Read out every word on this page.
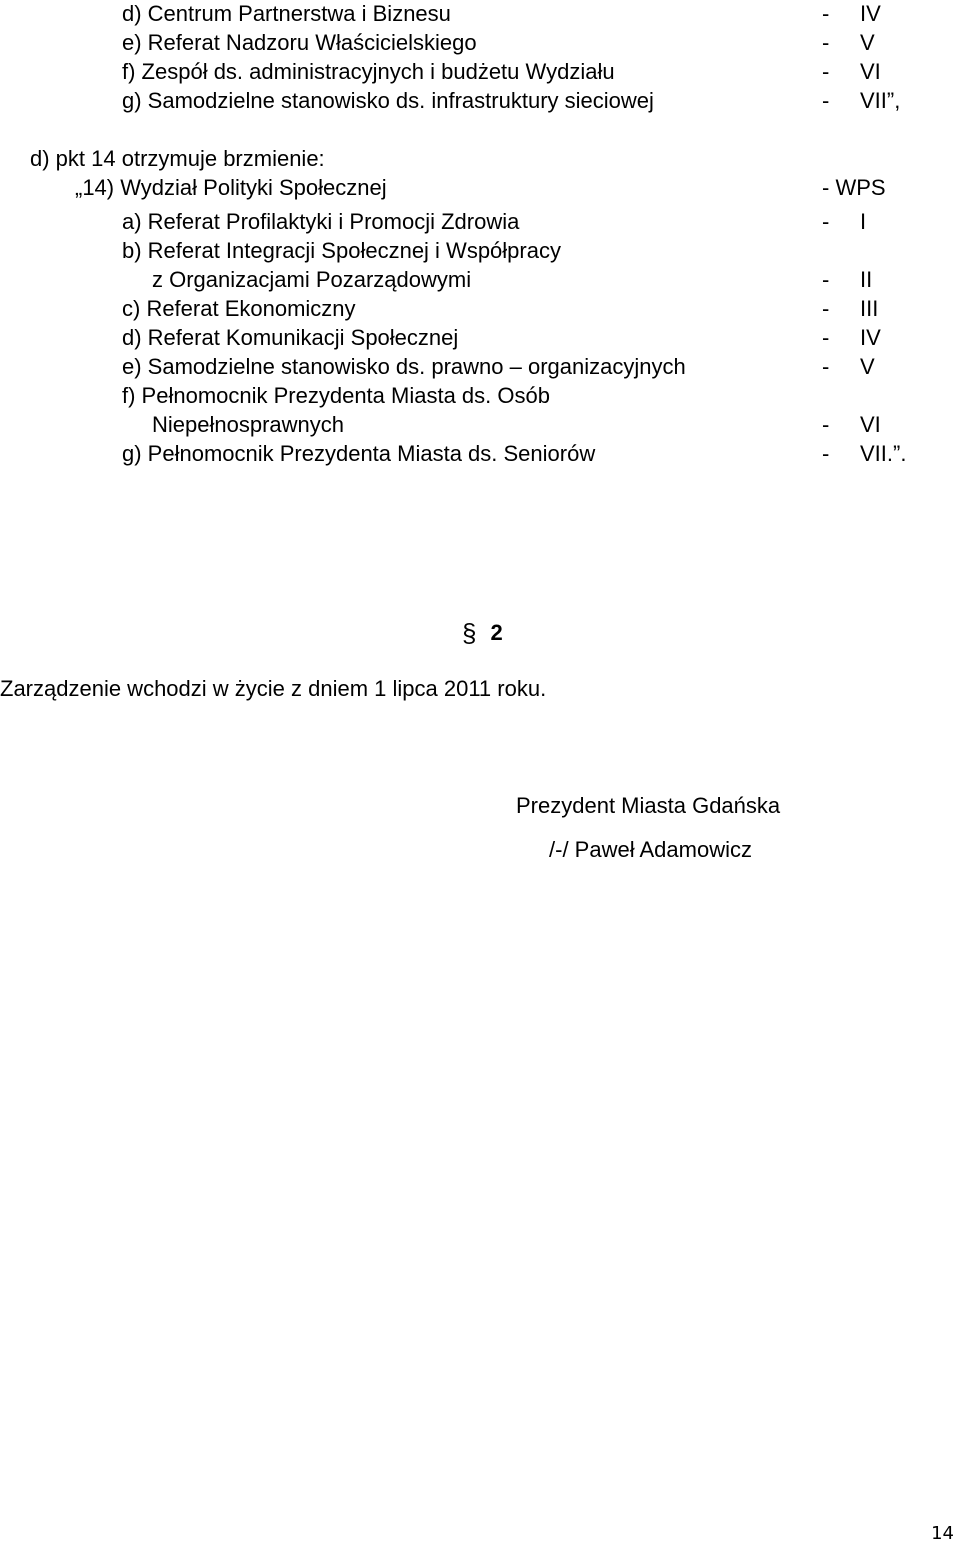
d) Centrum Partnerstwa i Biznesu	- IV
e) Referat Nadzoru Właścicielskiego	- V
f) Zespół ds. administracyjnych i budżetu Wydziału	- VI
g) Samodzielne stanowisko ds. infrastruktury sieciowej	- VII”,
d) pkt 14 otrzymuje brzmienie:
„14) Wydział Polityki Społecznej	- WPS
a) Referat Profilaktyki i Promocji Zdrowia	- I
b) Referat Integracji Społecznej i Współpracy
z Organizacjami Pozarządowymi	- II
c) Referat Ekonomiczny	- III
d) Referat Komunikacji Społecznej	- IV
e) Samodzielne stanowisko ds. prawno – organizacyjnych	- V
f) Pełnomocnik Prezydenta Miasta ds. Osób
Niepełnosprawnych	- VI
g) Pełnomocnik Prezydenta Miasta ds. Seniorów	- VII.”.
§ 2
Zarządzenie wchodzi w życie z dniem 1 lipca 2011 roku.
Prezydent Miasta Gdańska
/-/ Paweł Adamowicz
14
